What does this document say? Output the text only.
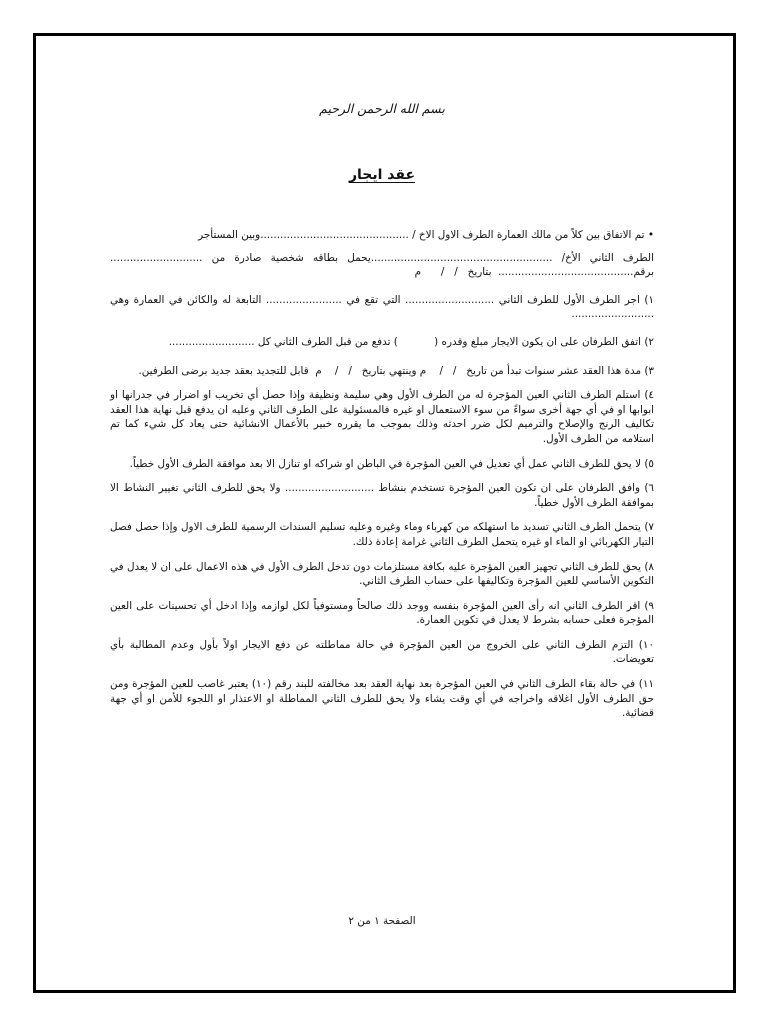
بسم الله الرحمن الرحيم
عقد ايجار

• تم الاتفاق بين كلاً من مالك العمارة الطرف الاول الاخ / .............................................وبين المستأجر

الطرف الثاني الأخ/ .......................................................يحمل بطاقه شخصية صادرة من ............................ برقم.........................................  بتاريخ   /   /      م

١) اجر الطرف الأول للطرف الثاني ........................... التي تقع في ....................... التابعة له والكائن في العمارة وهي .........................

٢) اتفق الطرفان على ان يكون الايجار مبلغ وقدره (           ) تدفع من قبل الطرف الثاني كل ..........................

٣) مدة هذا العقد عشر سنوات تبدأ من تاريخ   /   /    م وينتهي بتاريخ   /   /    م  قابل للتجديد بعقد جديد برضى الطرفين.

٤) استلم الطرف الثاني العين المؤجرة له من الطرف الأول وهي سليمة ونظيفة وإذا حصل أي تخريب او اضرار في جدرانها او ابوابها او في أي جهة أخرى سواءً من سوء الاستعمال او غيره فالمسئولية على الطرف الثاني وعليه ان يدفع قبل نهاية هذا العقد تكاليف الرنج والإصلاح والترميم لكل ضرر احدثه وذلك بموجب ما يقرره خبير بالأعمال الانشائية حتى يعاد كل شيء كما تم استلامه من الطرف الأول.

٥) لا يحق للطرف الثاني عمل أي تعديل في العين المؤجرة في الباطن او شراكه او تنازل الا بعد موافقة الطرف الأول خطياً.

٦) وافق الطرفان على ان تكون العين المؤجرة تستخدم بنشاط ........................... ولا يحق للطرف الثاني تغيير النشاط الا بموافقة الطرف الأول خطياً.

٧) يتحمل الطرف الثاني تسديد ما استهلكه من كهرباء وماء وغيره وعليه تسليم السندات الرسمية للطرف الاول وإذا حصل فصل التيار الكهربائي او الماء او غيره يتحمل الطرف الثاني غرامة إعادة ذلك.

٨) يحق للطرف الثاني تجهيز العين المؤجرة عليه بكافة مستلزمات دون تدخل الطرف الأول في هذه الاعمال على ان لا يعدل في التكوين الأساسي للعين المؤجرة وتكاليفها على حساب الطرف الثاني.

٩) اقر الطرف الثاني انه رأى العين المؤجرة بنفسه ووجد ذلك صالحاً ومستوفياً لكل لوازمه وإذا ادخل أي تحسينات على العين المؤجرة فعلى حسابه بشرط لا يعدل في تكوين العمارة.

١٠) التزم الطرف الثاني على الخروج من العين المؤجرة في حالة مماطلته عن دفع الايجار اولاً بأول وعدم المطالبة بأي تعويضات.

١١) في حالة بقاء الطرف الثاني في العين المؤجرة بعد نهاية العقد بعد مخالفته للبند رقم (١٠) يعتبر غاصب للعين المؤجرة ومن حق الطرف الأول اغلاقه واخراجه في أي وقت يشاء ولا يحق للطرف الثاني المماطلة او الاعتذار او اللجوء للأمن او أي جهة قضائية.

الصفحة ١ من ٢
